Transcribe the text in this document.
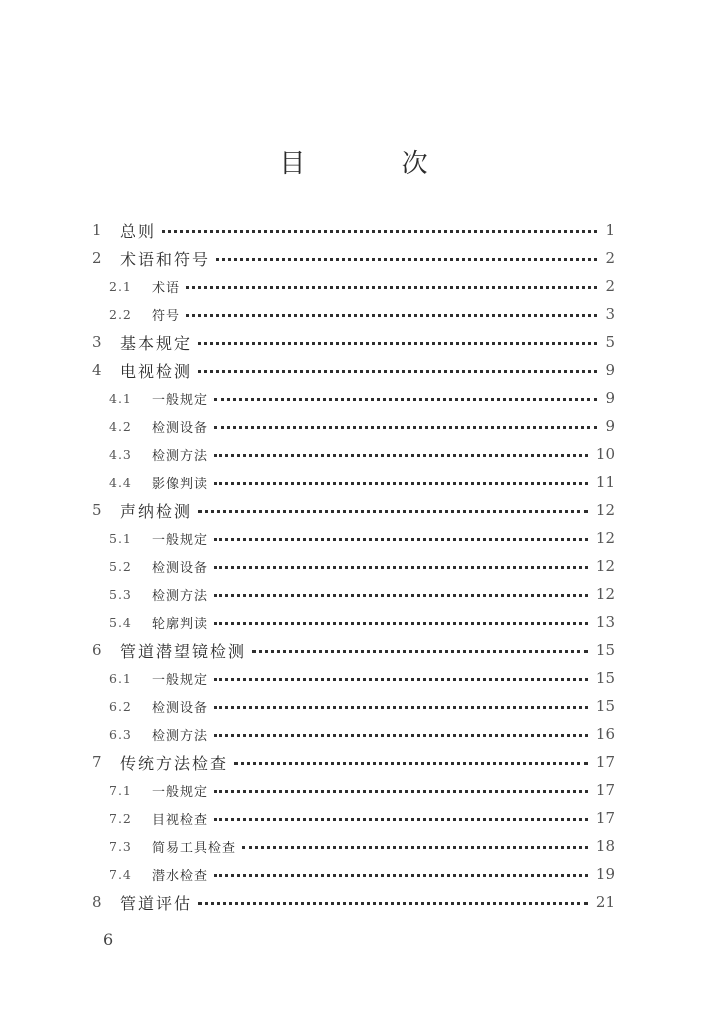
目 次
1 总则	1
2 术语和符号	2
2.1 术语	2
2.2 符号	3
3 基本规定	5
4 电视检测	9
4.1 一般规定	9
4.2 检测设备	9
4.3 检测方法	10
4.4 影像判读	11
5 声纳检测	12
5.1 一般规定	12
5.2 检测设备	12
5.3 检测方法	12
5.4 轮廓判读	13
6 管道潜望镜检测	15
6.1 一般规定	15
6.2 检测设备	15
6.3 检测方法	16
7 传统方法检查	17
7.1 一般规定	17
7.2 目视检查	17
7.3 简易工具检查	18
7.4 潜水检查	19
8 管道评估	21
6
